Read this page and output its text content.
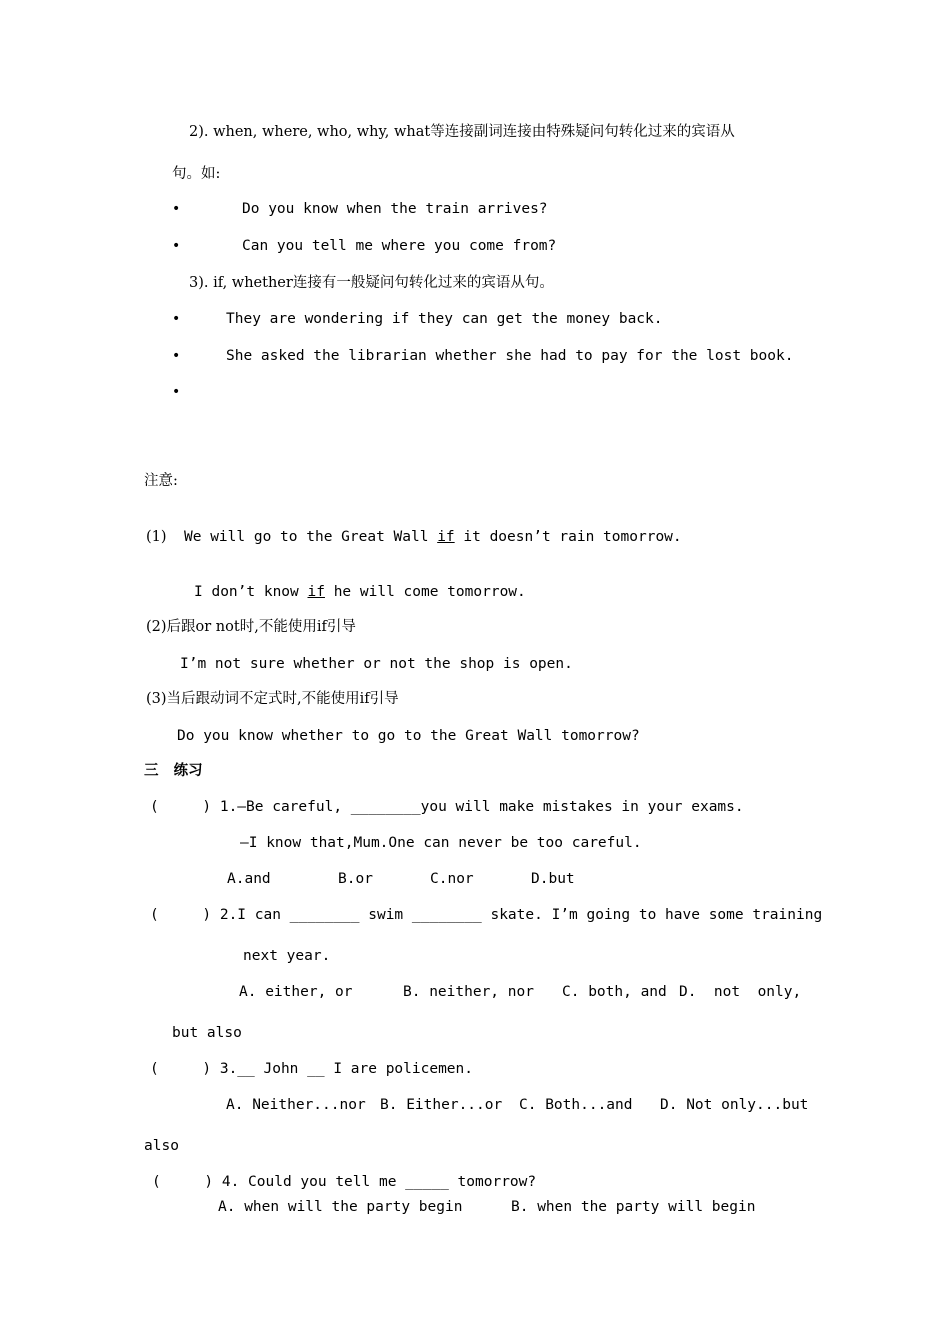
2). when, where, who, why, what等连接副词连接由特殊疑问句转化过来的宾语从
句。如:
•	Do you know when the train arrives?
•	Can you tell me where you come from?
3). if, whether连接有一般疑问句转化过来的宾语从句。
•	They are wondering if they can get the money back.
•	She asked the librarian whether she had to pay for the lost book.
•
注意:
(1) We will go to the Great Wall if it doesn’t rain tomorrow.
I don’t know if he will come tomorrow.
(2)后跟or not时,不能使用if引导
I’m not sure whether or not the shop is open.
(3)当后跟动词不定式时,不能使用if引导
Do you know whether to go to the Great Wall tomorrow?
三   练习
(     ) 1.—Be careful, ________you will make mistakes in your exams.
—I know that,Mum.One can never be too careful.
A.and	B.or	C.nor	D.but
(     ) 2.I can ________ swim ________ skate. I’m going to have some training
next year.
A. either, or	B. neither, nor C. both, and D.  not  only,
but also
(     ) 3.__ John __ I are policemen.
A. Neither...nor B. Either...or C. Both...and D. Not only...but
also
(     ) 4. Could you tell me _____ tomorrow?
A. when will the party begin	B. when the party will begin
